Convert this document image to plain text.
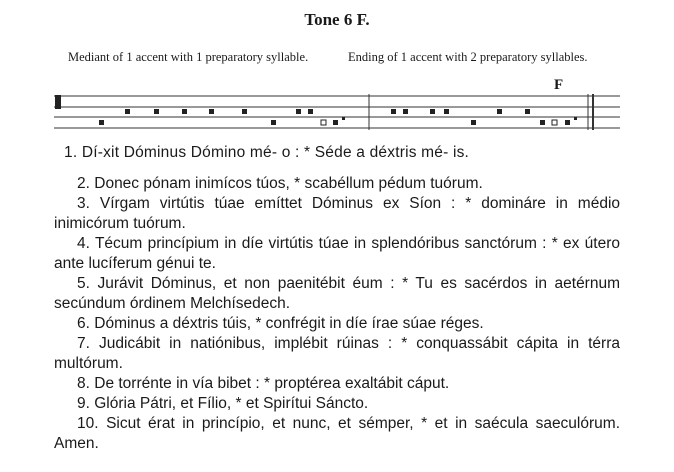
Tone 6 F.
Mediant of 1 accent with 1 preparatory syllable.	Ending of 1 accent with 2 preparatory syllables.
F

1. Dí-xit Dóminus Dómino mé- o : * Séde a déxtris mé- is.

2. Donec pónam inimícos túos, * scabéllum pédum tuórum.

3. Vírgam virtútis túae emíttet Dóminus ex Síon : * domináre in médio inimicórum tuórum.

4. Técum princípium in díe virtútis túae in splendóribus sanctórum : * ex útero ante lucíferum génui te.

5. Jurávit Dóminus, et non paenitébit éum : * Tu es sacérdos in aetérnum secúndum órdinem Melchísedech.

6. Dóminus a déxtris túis, * confrégit in díe írae súae réges.

7. Judicábit in natiónibus, implébit rúinas : * conquassábit cápita in térra multórum.

8. De torrénte in vía bibet : * proptérea exaltábit cáput.

9. Glória Pátri, et Fílio, * et Spirítui Sáncto.

10. Sicut érat in princípio, et nunc, et sémper, * et in saécula saeculórum. Amen.
